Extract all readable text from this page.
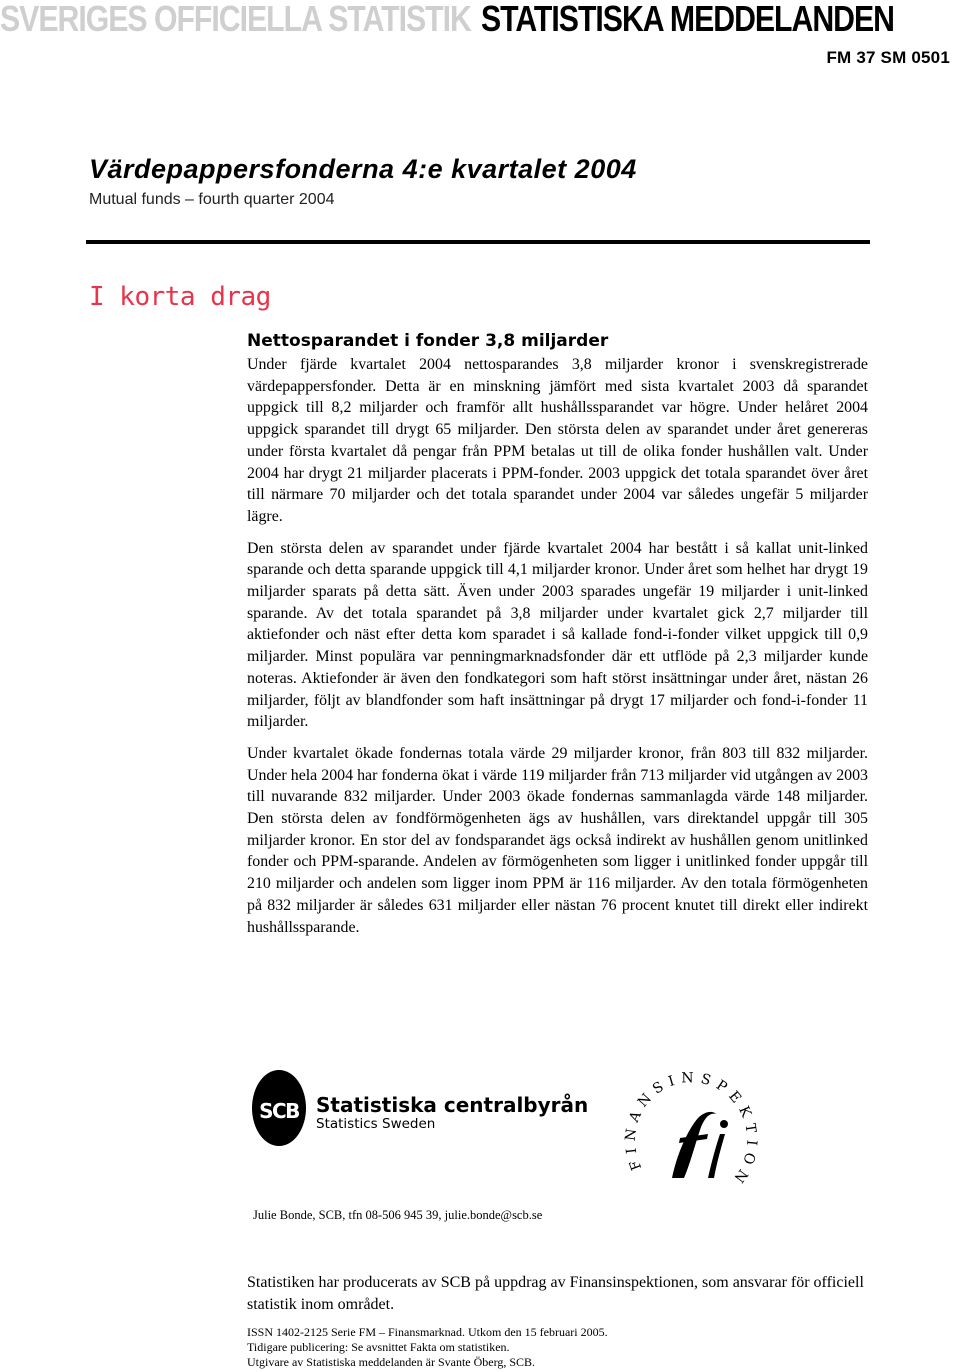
SVERIGES OFFICIELLA STATISTIK STATISTISKA MEDDELANDEN
FM 37 SM 0501
Värdepappersfonderna 4:e kvartalet 2004
Mutual funds – fourth quarter 2004
I korta drag
Nettosparandet i fonder 3,8 miljarder

Under fjärde kvartalet 2004 nettosparandes 3,8 miljarder kronor i svenskregistrerade värdepappersfonder. Detta är en minskning jämfört med sista kvartalet 2003 då sparandet uppgick till 8,2 miljarder och framför allt hushållssparandet var högre. Under helåret 2004 uppgick sparandet till drygt 65 miljarder. Den största delen av sparandet under året genereras under första kvartalet då pengar från PPM betalas ut till de olika fonder hushållen valt. Under 2004 har drygt 21 miljarder placerats i PPM-fonder. 2003 uppgick det totala sparandet över året till närmare 70 miljarder och det totala sparandet under 2004 var således ungefär 5 miljarder lägre.

Den största delen av sparandet under fjärde kvartalet 2004 har bestått i så kallat unit-linked sparande och detta sparande uppgick till 4,1 miljarder kronor. Under året som helhet har drygt 19 miljarder sparats på detta sätt. Även under 2003 sparades ungefär 19 miljarder i unit-linked sparande. Av det totala sparandet på 3,8 miljarder under kvartalet gick 2,7 miljarder till aktiefonder och näst efter detta kom sparadet i så kallade fond-i-fonder vilket uppgick till 0,9 miljarder. Minst populära var penningmarknadsfonder där ett utflöde på 2,3 miljarder kunde noteras. Aktiefonder är även den fondkategori som haft störst insättningar under året, nästan 26 miljarder, följt av blandfonder som haft insättningar på drygt 17 miljarder och fond-i-fonder 11 miljarder.

Under kvartalet ökade fondernas totala värde 29 miljarder kronor, från 803 till 832 miljarder. Under hela 2004 har fonderna ökat i värde 119 miljarder från 713 miljarder vid utgången av 2003 till nuvarande 832 miljarder. Under 2003 ökade fondernas sammanlagda värde 148 miljarder. Den största delen av fondförmögenheten ägs av hushållen, vars direktandel uppgår till 305 miljarder kronor. En stor del av fondsparandet ägs också indirekt av hushållen genom unitlinked fonder och PPM-sparande. Andelen av förmögenheten som ligger i unitlinked fonder uppgår till 210 miljarder och andelen som ligger inom PPM är 116 miljarder. Av den totala förmögenheten på 832 miljarder är således 631 miljarder eller nästan 76 procent knutet till direkt eller indirekt hushållssparande.

SCB Statistiska centralbyrån
Statistics Sweden
FINANSINSPEKTION
Julie Bonde, SCB, tfn 08-506 945 39, julie.bonde@scb.se
Statistiken har producerats av SCB på uppdrag av Finansinspektionen, som ansvarar för officiell statistik inom området.
ISSN 1402-2125 Serie FM – Finansmarknad. Utkom den 15 februari 2005.
Tidigare publicering: Se avsnittet Fakta om statistiken.
Utgivare av Statistiska meddelanden är Svante Öberg, SCB.
